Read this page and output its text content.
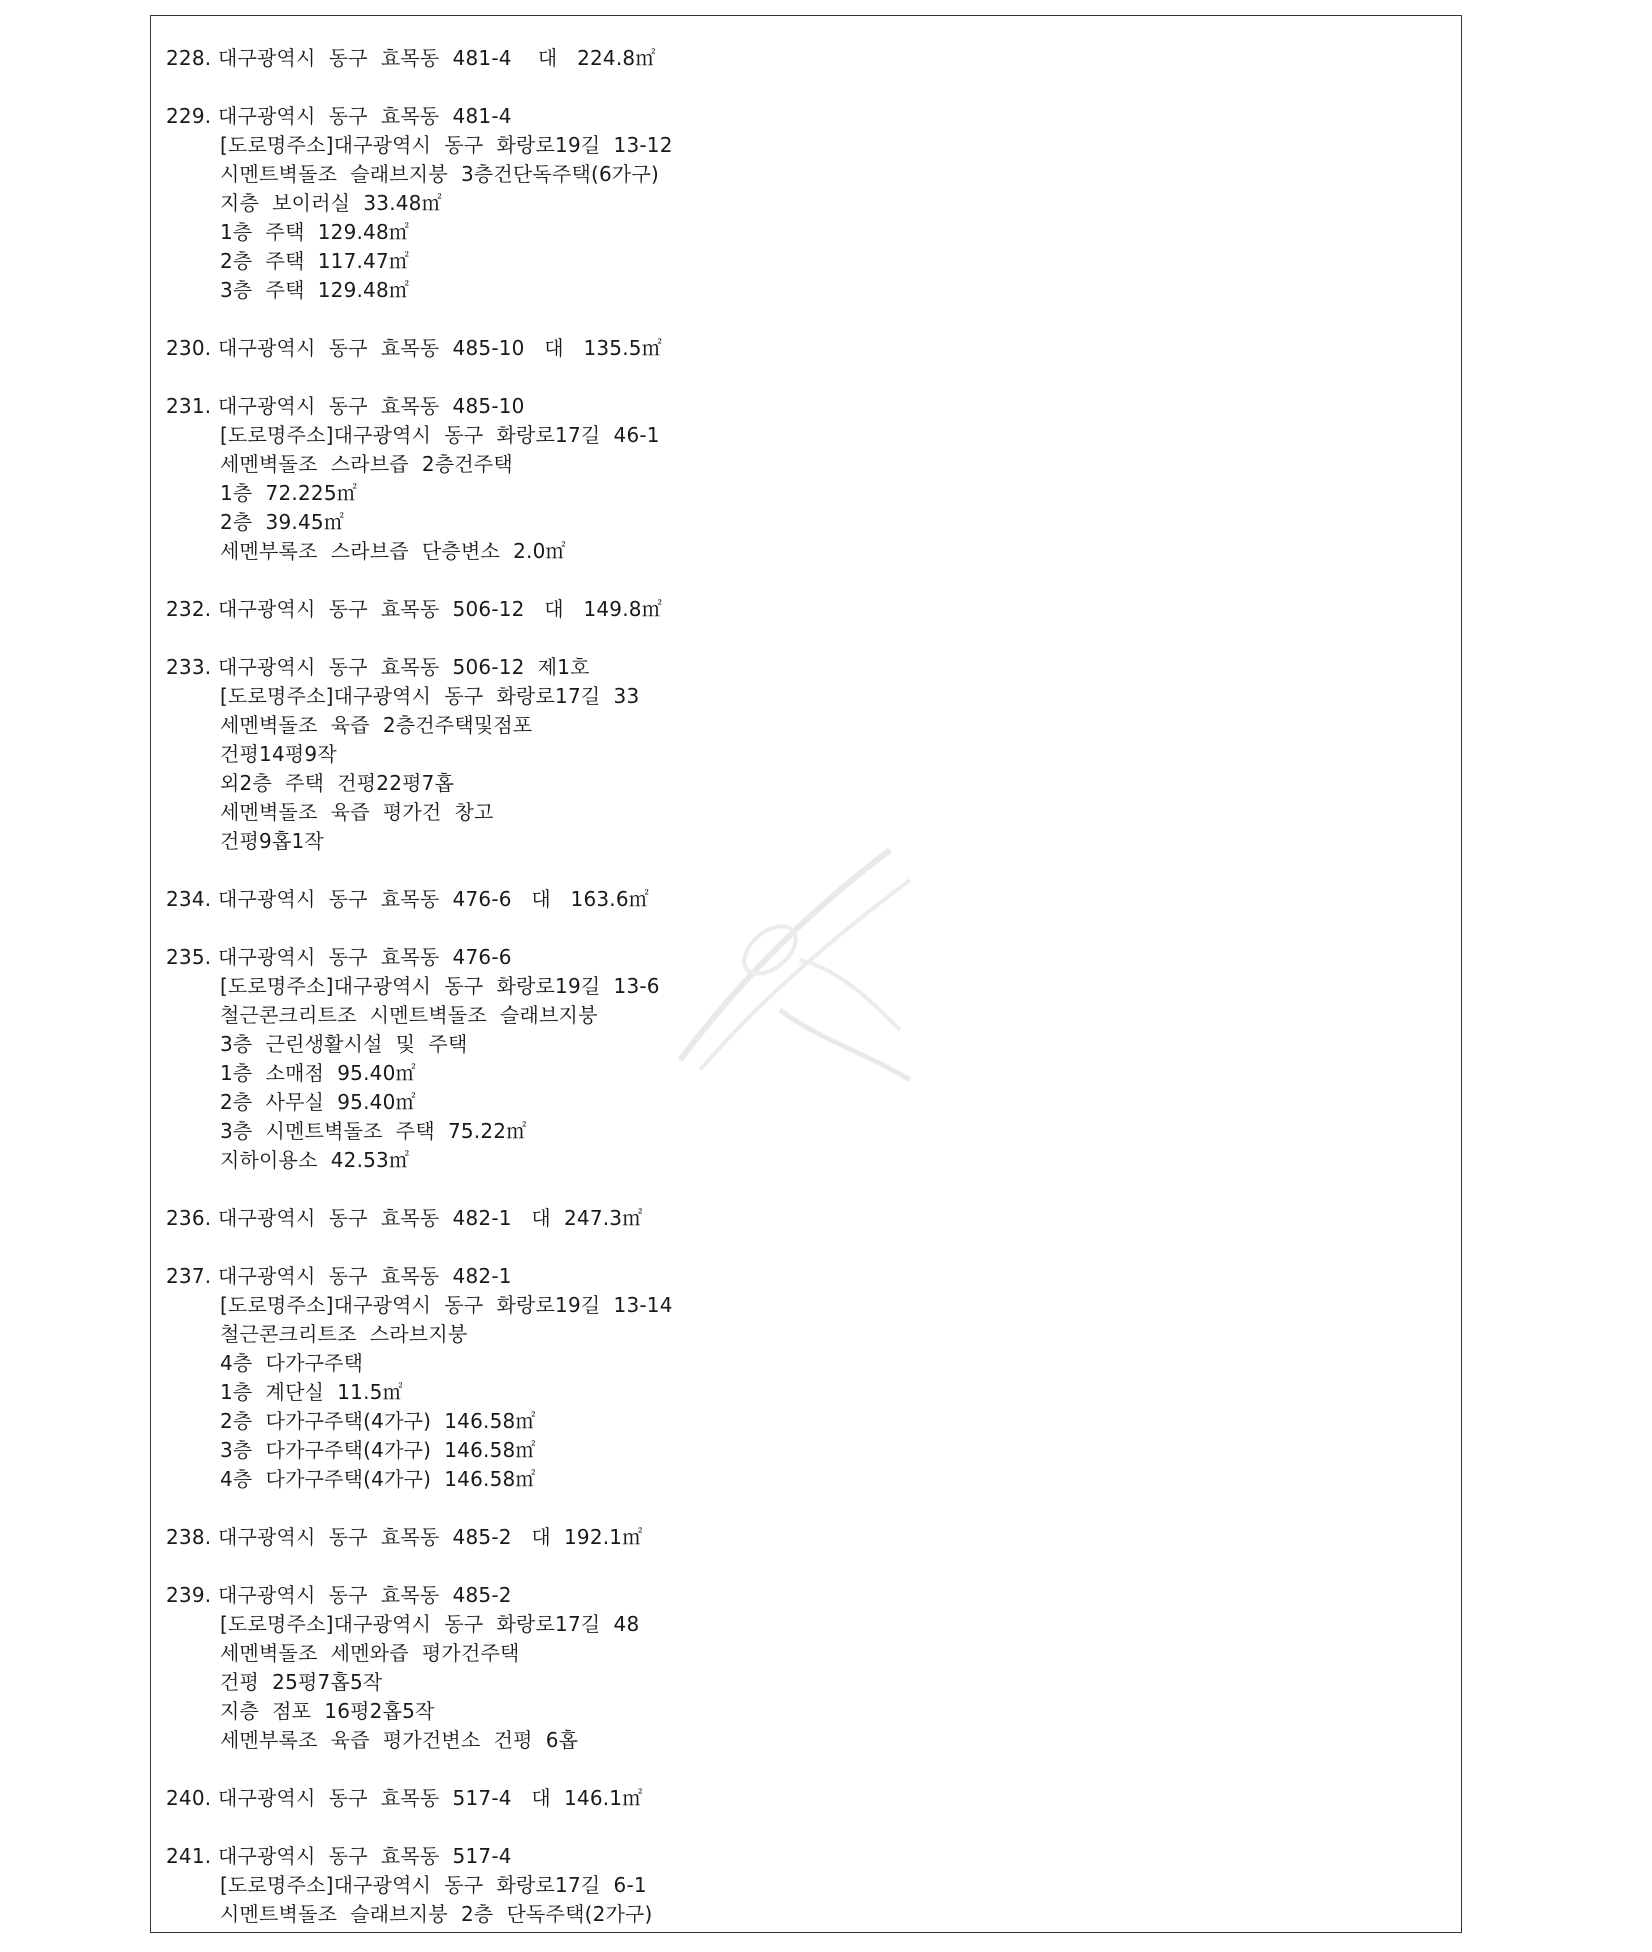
228. 대구광역시  동구  효목동  481-4    대   224.8㎡
229. 대구광역시  동구  효목동  481-4
[도로명주소]대구광역시  동구  화랑로19길  13-12
시멘트벽돌조  슬래브지붕  3층건단독주택(6가구)
지층  보이러실  33.48㎡
1층  주택  129.48㎡
2층  주택  117.47㎡
3층  주택  129.48㎡
230. 대구광역시  동구  효목동  485-10   대   135.5㎡
231. 대구광역시  동구  효목동  485-10
[도로명주소]대구광역시  동구  화랑로17길  46-1
세멘벽돌조  스라브즙  2층건주택
1층  72.225㎡
2층  39.45㎡
세멘부록조  스라브즙  단층변소  2.0㎡
232. 대구광역시  동구  효목동  506-12   대   149.8㎡
233. 대구광역시  동구  효목동  506-12  제1호
[도로명주소]대구광역시  동구  화랑로17길  33
세멘벽돌조  육즙  2층건주택및점포
건평14평9작
외2층  주택  건평22평7홉
세멘벽돌조  육즙  평가건  창고
건평9홉1작
234. 대구광역시  동구  효목동  476-6   대   163.6㎡
235. 대구광역시  동구  효목동  476-6
[도로명주소]대구광역시  동구  화랑로19길  13-6
철근콘크리트조  시멘트벽돌조  슬래브지붕
3층  근린생활시설  및  주택
1층  소매점  95.40㎡
2층  사무실  95.40㎡
3층  시멘트벽돌조  주택  75.22㎡
지하이용소  42.53㎡
236. 대구광역시  동구  효목동  482-1   대  247.3㎡
237. 대구광역시  동구  효목동  482-1
[도로명주소]대구광역시  동구  화랑로19길  13-14
철근콘크리트조  스라브지붕
4층  다가구주택
1층  계단실  11.5㎡
2층  다가구주택(4가구)  146.58㎡
3층  다가구주택(4가구)  146.58㎡
4층  다가구주택(4가구)  146.58㎡
238. 대구광역시  동구  효목동  485-2   대  192.1㎡
239. 대구광역시  동구  효목동  485-2
[도로명주소]대구광역시  동구  화랑로17길  48
세멘벽돌조  세멘와즙  평가건주택
건평  25평7홉5작
지층  점포  16평2홉5작
세멘부록조  육즙  평가건변소  건평  6홉
240. 대구광역시  동구  효목동  517-4   대  146.1㎡
241. 대구광역시  동구  효목동  517-4
[도로명주소]대구광역시  동구  화랑로17길  6-1
시멘트벽돌조  슬래브지붕  2층  단독주택(2가구)
